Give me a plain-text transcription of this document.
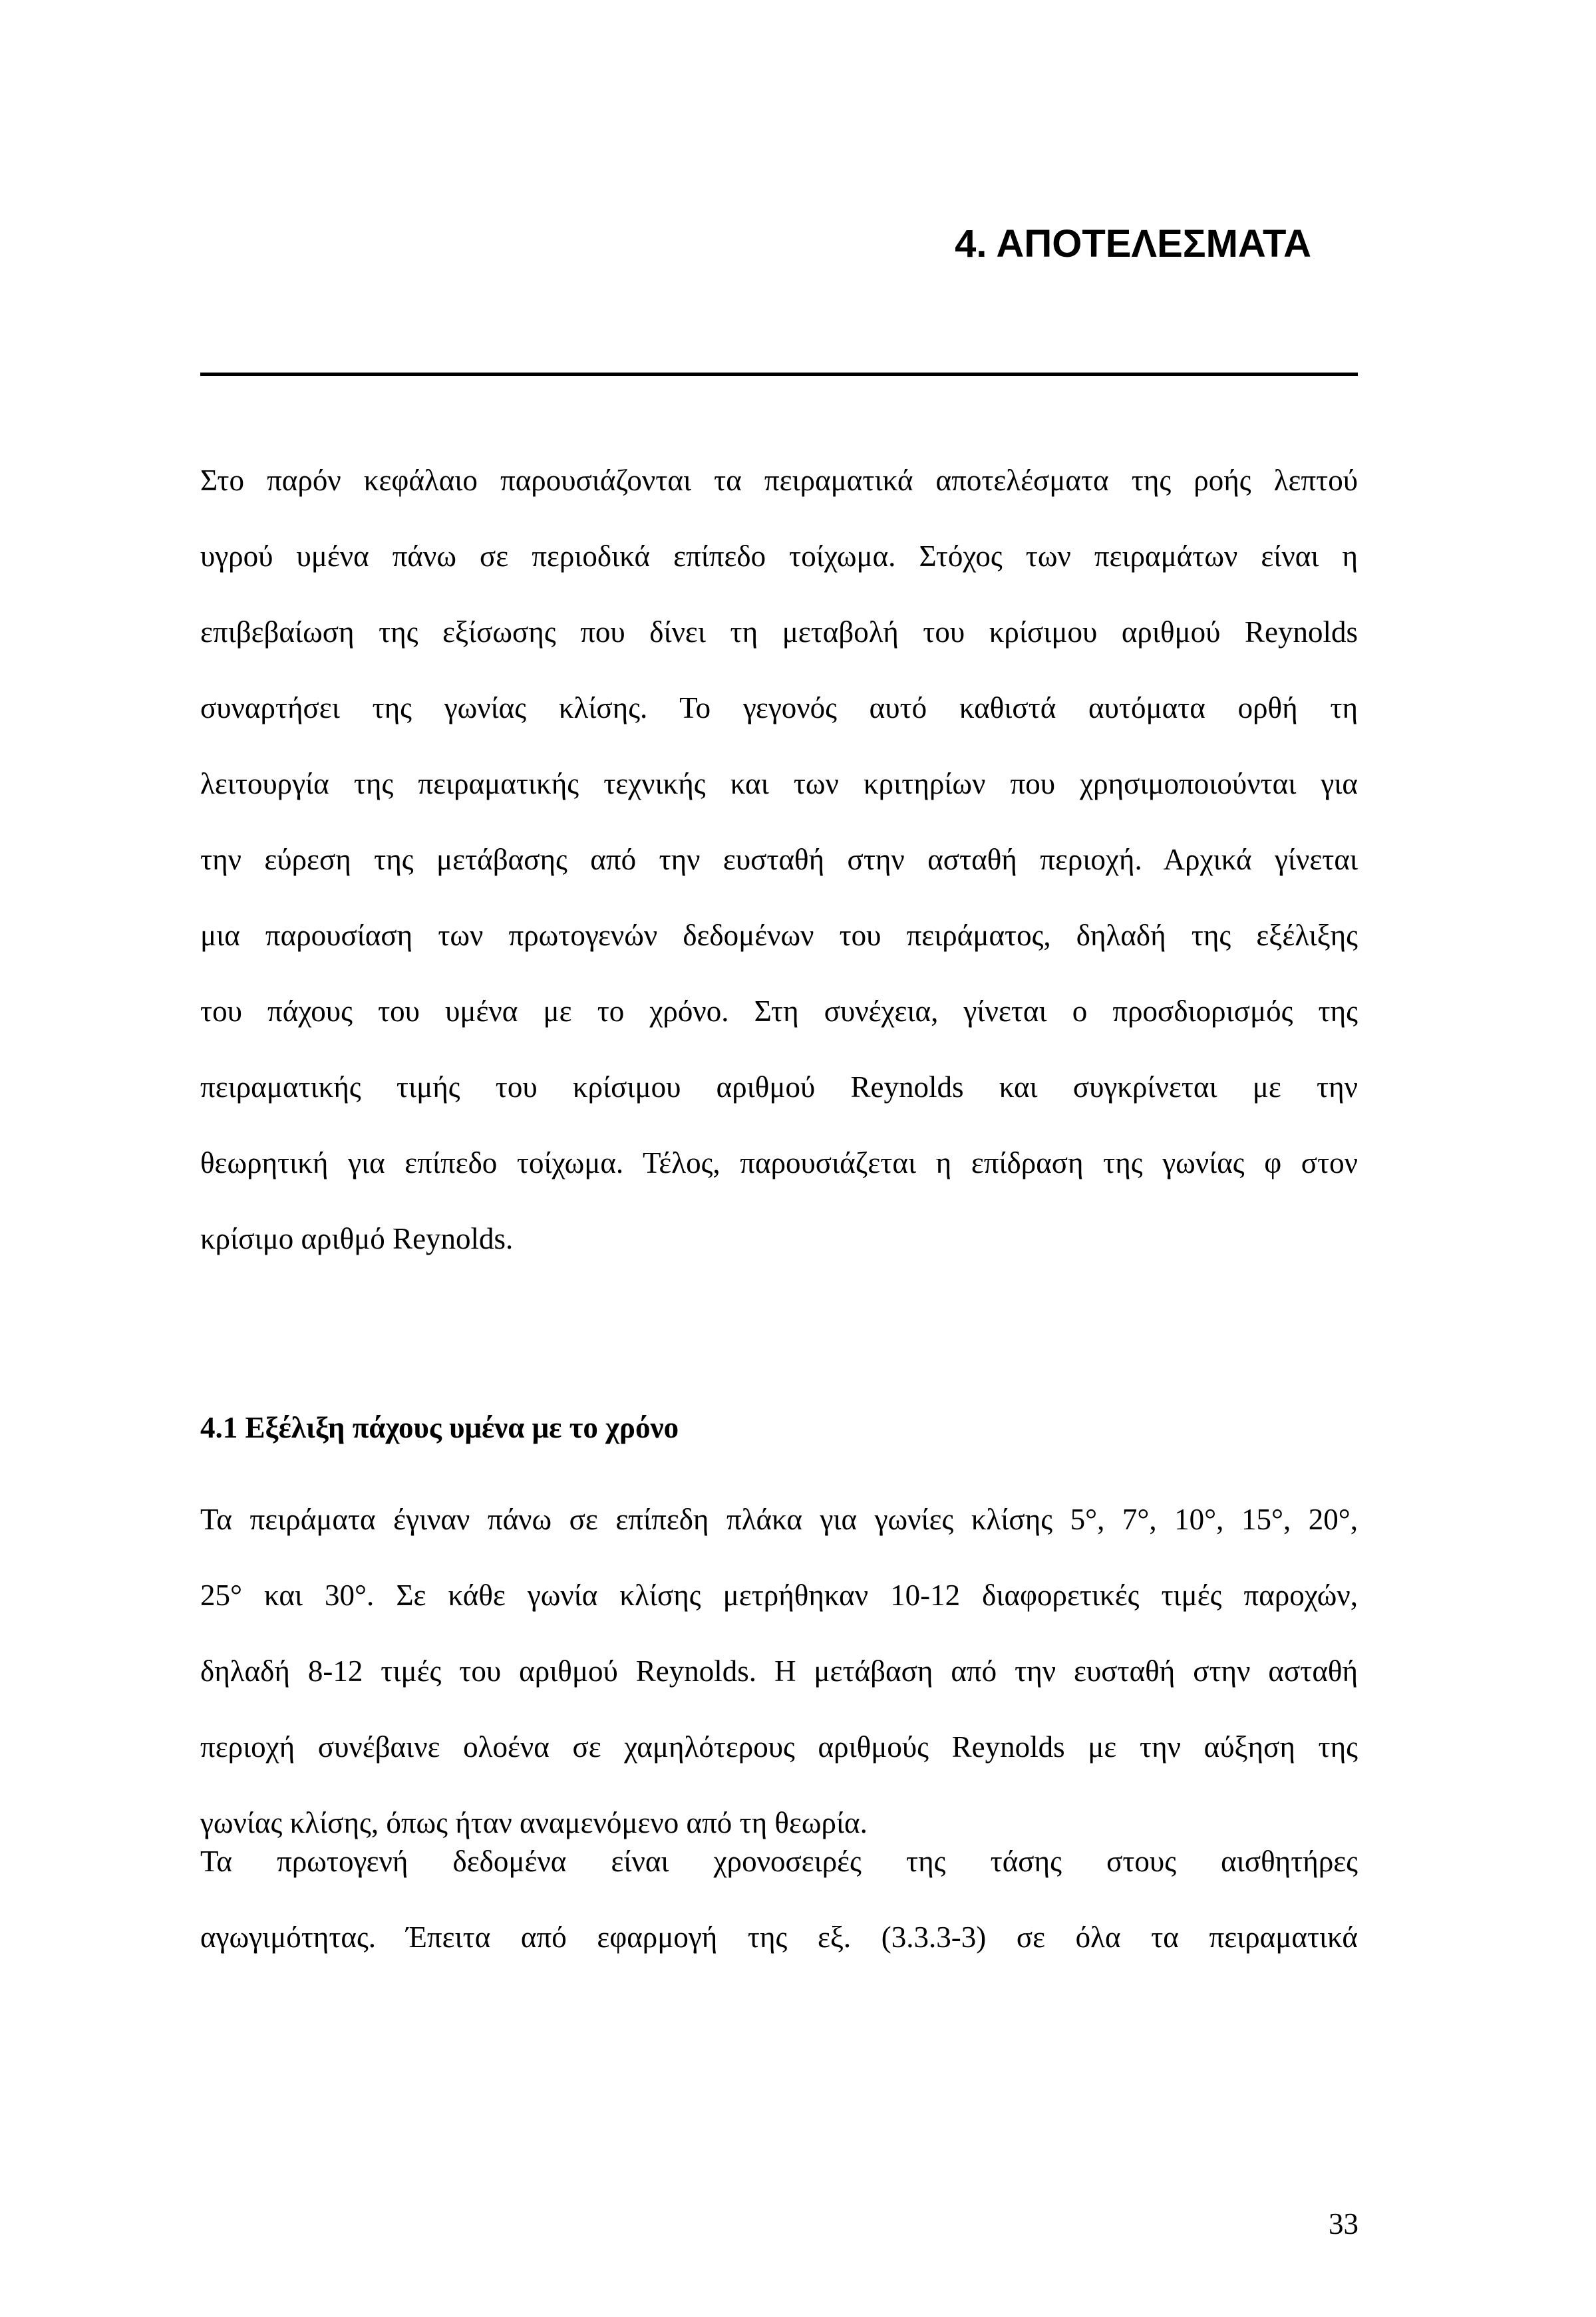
4. ΑΠΟΤΕΛΕΣΜΑΤΑ

Στο παρόν κεφάλαιο παρουσιάζονται τα πειραματικά αποτελέσματα της ροής λεπτού
υγρού υμένα πάνω σε περιοδικά επίπεδο τοίχωμα. Στόχος των πειραμάτων είναι η
επιβεβαίωση της εξίσωσης που δίνει τη μεταβολή του κρίσιμου αριθμού Reynolds
συναρτήσει της γωνίας κλίσης. Το γεγονός αυτό καθιστά αυτόματα ορθή τη
λειτουργία της πειραματικής τεχνικής και των κριτηρίων που χρησιμοποιούνται για
την εύρεση της μετάβασης από την ευσταθή στην ασταθή περιοχή. Αρχικά γίνεται
μια παρουσίαση των πρωτογενών δεδομένων του πειράματος, δηλαδή της εξέλιξης
του πάχους του υμένα με το χρόνο. Στη συνέχεια, γίνεται ο προσδιορισμός της
πειραματικής τιμής του κρίσιμου αριθμού Reynolds και συγκρίνεται με την
θεωρητική για επίπεδο τοίχωμα. Τέλος, παρουσιάζεται η επίδραση της γωνίας φ στον
κρίσιμο αριθμό Reynolds.

4.1 Εξέλιξη πάχους υμένα με το χρόνο

Τα πειράματα έγιναν πάνω σε επίπεδη πλάκα για γωνίες κλίσης 5°, 7°, 10°, 15°, 20°,
25° και 30°. Σε κάθε γωνία κλίσης μετρήθηκαν 10-12 διαφορετικές τιμές παροχών,
δηλαδή 8-12 τιμές του αριθμού Reynolds. Η μετάβαση από την ευσταθή στην ασταθή
περιοχή συνέβαινε ολοένα σε χαμηλότερους αριθμούς Reynolds με την αύξηση της
γωνίας κλίσης, όπως ήταν αναμενόμενο από τη θεωρία.

Τα πρωτογενή δεδομένα είναι χρονοσειρές της τάσης στους αισθητήρες
αγωγιμότητας. Έπειτα από εφαρμογή της εξ. (3.3.3-3) σε όλα τα πειραματικά

33
